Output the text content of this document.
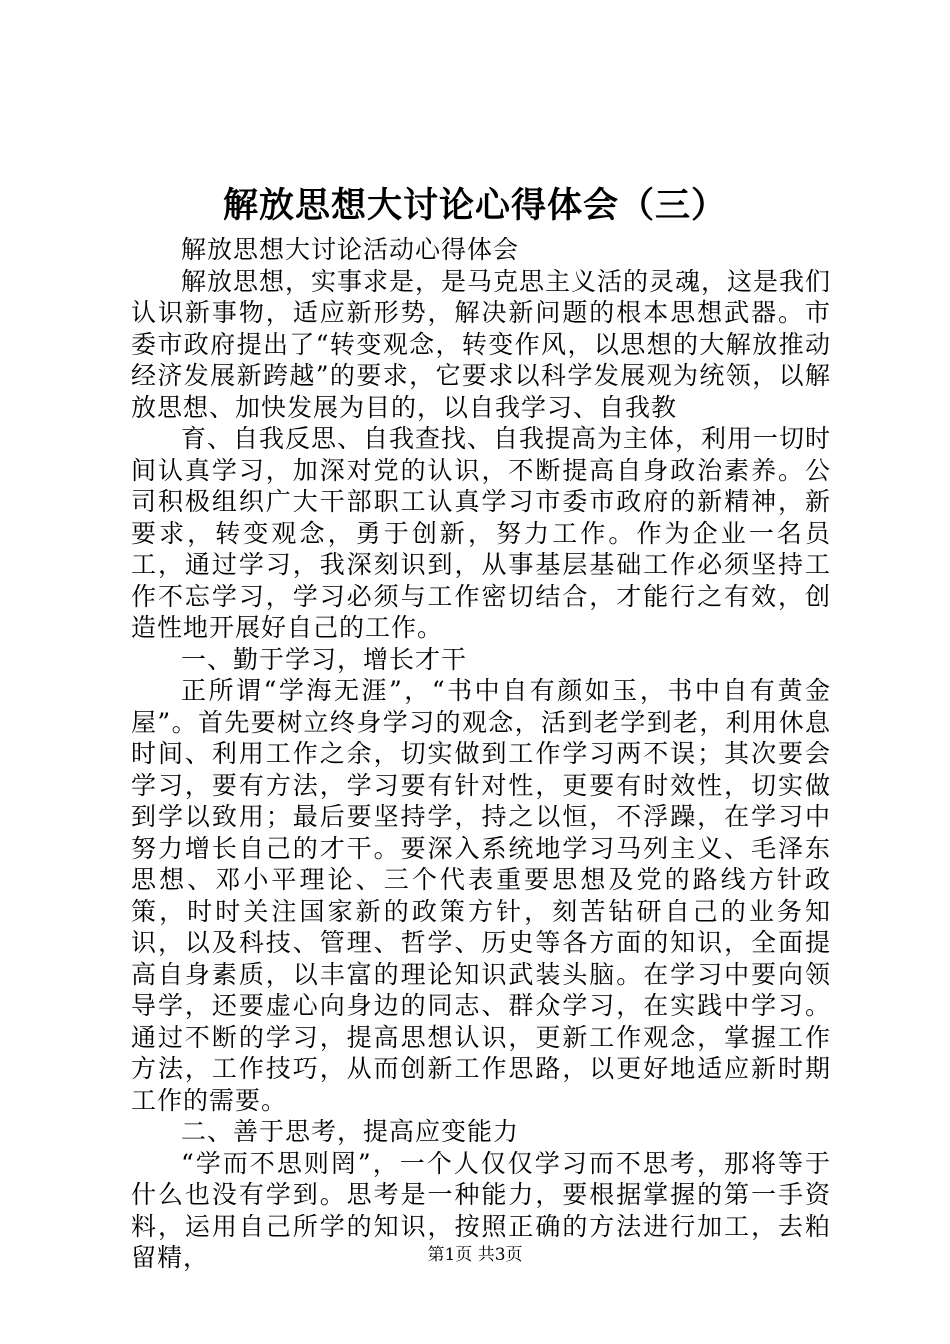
解放思想大讨论心得体会（三）

解放思想大讨论活动心得体会

解放思想，实事求是，是马克思主义活的灵魂，这是我们认识新事物，适应新形势，解决新问题的根本思想武器。市委市政府提出了“转变观念，转变作风，以思想的大解放推动经济发展新跨越”的要求，它要求以科学发展观为统领，以解放思想、加快发展为目的，以自我学习、自我教

育、自我反思、自我查找、自我提高为主体，利用一切时间认真学习，加深对党的认识，不断提高自身政治素养。公司积极组织广大干部职工认真学习市委市政府的新精神，新要求，转变观念，勇于创新，努力工作。作为企业一名员工，通过学习，我深刻识到，从事基层基础工作必须坚持工作不忘学习，学习必须与工作密切结合，才能行之有效，创造性地开展好自己的工作。

一、勤于学习，增长才干

正所谓“学海无涯”，“书中自有颜如玉，书中自有黄金屋”。首先要树立终身学习的观念，活到老学到老，利用休息时间、利用工作之余，切实做到工作学习两不误；其次要会学习，要有方法，学习要有针对性，更要有时效性，切实做到学以致用；最后要坚持学，持之以恒，不浮躁，在学习中努力增长自己的才干。要深入系统地学习马列主义、毛泽东思想、邓小平理论、三个代表重要思想及党的路线方针政策，时时关注国家新的政策方针，刻苦钻研自己的业务知识，以及科技、管理、哲学、历史等各方面的知识，全面提高自身素质，以丰富的理论知识武装头脑。在学习中要向领导学，还要虚心向身边的同志、群众学习，在实践中学习。通过不断的学习，提高思想认识，更新工作观念，掌握工作方法，工作技巧，从而创新工作思路，以更好地适应新时期工作的需要。

二、善于思考，提高应变能力

“学而不思则罔”，一个人仅仅学习而不思考，那将等于什么也没有学到。思考是一种能力，要根据掌握的第一手资料，运用自己所学的知识，按照正确的方法进行加工，去粕留精，	第1页 共3页
